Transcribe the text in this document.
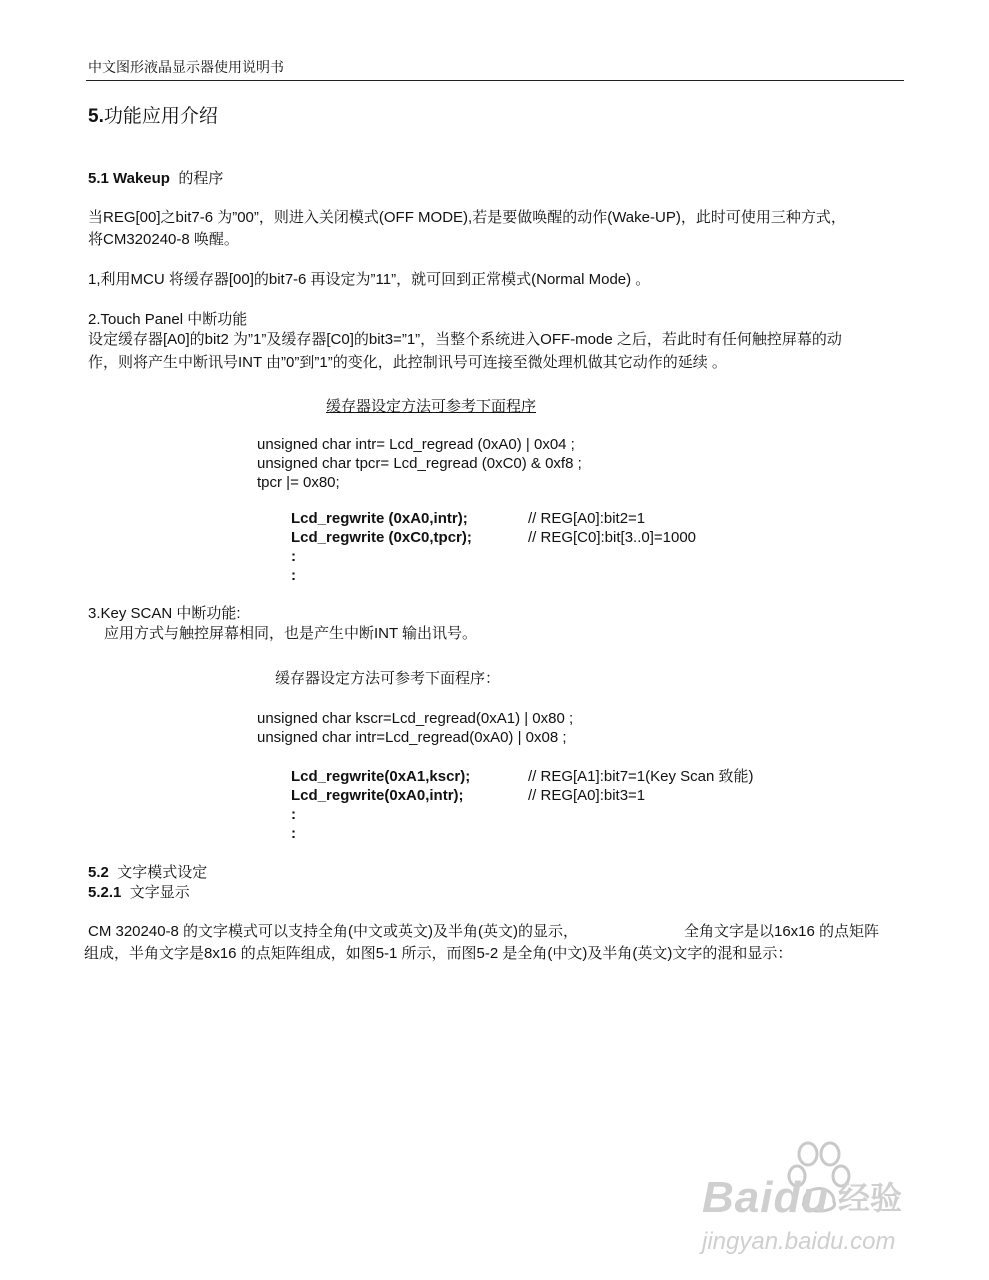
中文图形液晶显示器使用说明书
5.功能应用介绍
5.1 Wakeup 的程序
当REG[00]之bit7-6 为”00”，则进入关闭模式(OFF MODE),若是要做唤醒的动作(Wake-UP)，此时可使用三种方式，
将CM320240-8 唤醒。
1,利用MCU 将缓存器[00]的bit7-6 再设定为”11”，就可回到正常模式(Normal Mode) 。
2.Touch Panel 中断功能
设定缓存器[A0]的bit2 为”1”及缓存器[C0]的bit3=”1”，当整个系统进入OFF-mode 之后，若此时有任何触控屏幕的动
作，则将产生中断讯号INT 由”0”到”1”的变化，此控制讯号可连接至微处理机做其它动作的延续 。
缓存器设定方法可参考下面程序
unsigned char intr= Lcd_regread (0xA0) | 0x04 ;
unsigned char tpcr= Lcd_regread (0xC0) & 0xf8 ;
tpcr |= 0x80;
Lcd_regwrite (0xA0,intr);	// REG[A0]:bit2=1
Lcd_regwrite (0xC0,tpcr);	// REG[C0]:bit[3..0]=1000
:
:
3.Key SCAN 中断功能:
应用方式与触控屏幕相同，也是产生中断INT 输出讯号。
缓存器设定方法可参考下面程序：
unsigned char kscr=Lcd_regread(0xA1) | 0x80 ;
unsigned char intr=Lcd_regread(0xA0) | 0x08 ;
Lcd_regwrite(0xA1,kscr);	// REG[A1]:bit7=1(Key Scan 致能)
Lcd_regwrite(0xA0,intr);	// REG[A0]:bit3=1
:
:
5.2 文字模式设定
5.2.1 文字显示
CM 320240-8 的文字模式可以支持全角(中文或英文)及半角(英文)的显示，	全角文字是以16x16 的点矩阵
组成，半角文字是8x16 的点矩阵组成，如图5-1 所示，而图5-2 是全角(中文)及半角(英文)文字的混和显示：
Baidu 经验
jingyan.baidu.com
